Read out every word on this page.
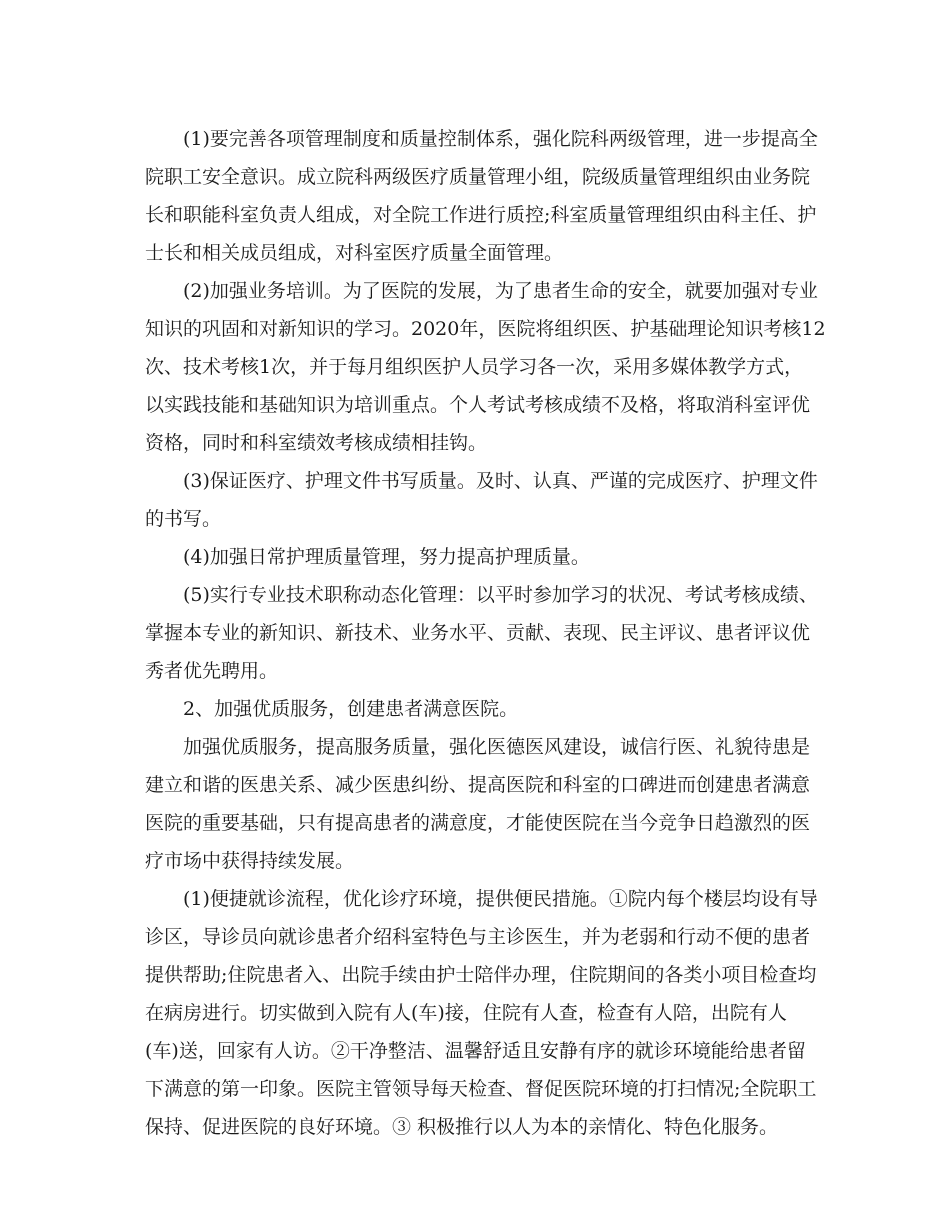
(1)要完善各项管理制度和质量控制体系，强化院科两级管理，进一步提高全
院职工安全意识。成立院科两级医疗质量管理小组，院级质量管理组织由业务院
长和职能科室负责人组成，对全院工作进行质控;科室质量管理组织由科主任、护
士长和相关成员组成，对科室医疗质量全面管理。
(2)加强业务培训。为了医院的发展，为了患者生命的安全，就要加强对专业
知识的巩固和对新知识的学习。2020年，医院将组织医、护基础理论知识考核12
次、技术考核1次，并于每月组织医护人员学习各一次，采用多媒体教学方式，
以实践技能和基础知识为培训重点。个人考试考核成绩不及格，将取消科室评优
资格，同时和科室绩效考核成绩相挂钩。
(3)保证医疗、护理文件书写质量。及时、认真、严谨的完成医疗、护理文件
的书写。
(4)加强日常护理质量管理，努力提高护理质量。
(5)实行专业技术职称动态化管理：以平时参加学习的状况、考试考核成绩、
掌握本专业的新知识、新技术、业务水平、贡献、表现、民主评议、患者评议优
秀者优先聘用。
2、加强优质服务，创建患者满意医院。
加强优质服务，提高服务质量，强化医德医风建设，诚信行医、礼貌待患是
建立和谐的医患关系、减少医患纠纷、提高医院和科室的口碑进而创建患者满意
医院的重要基础，只有提高患者的满意度，才能使医院在当今竞争日趋激烈的医
疗市场中获得持续发展。
(1)便捷就诊流程，优化诊疗环境，提供便民措施。①院内每个楼层均设有导
诊区，导诊员向就诊患者介绍科室特色与主诊医生，并为老弱和行动不便的患者
提供帮助;住院患者入、出院手续由护士陪伴办理，住院期间的各类小项目检查均
在病房进行。切实做到入院有人(车)接，住院有人查，检查有人陪，出院有人
(车)送，回家有人访。②干净整洁、温馨舒适且安静有序的就诊环境能给患者留
下满意的第一印象。医院主管领导每天检查、督促医院环境的打扫情况;全院职工
保持、促进医院的良好环境。③ 积极推行以人为本的亲情化、特色化服务。
